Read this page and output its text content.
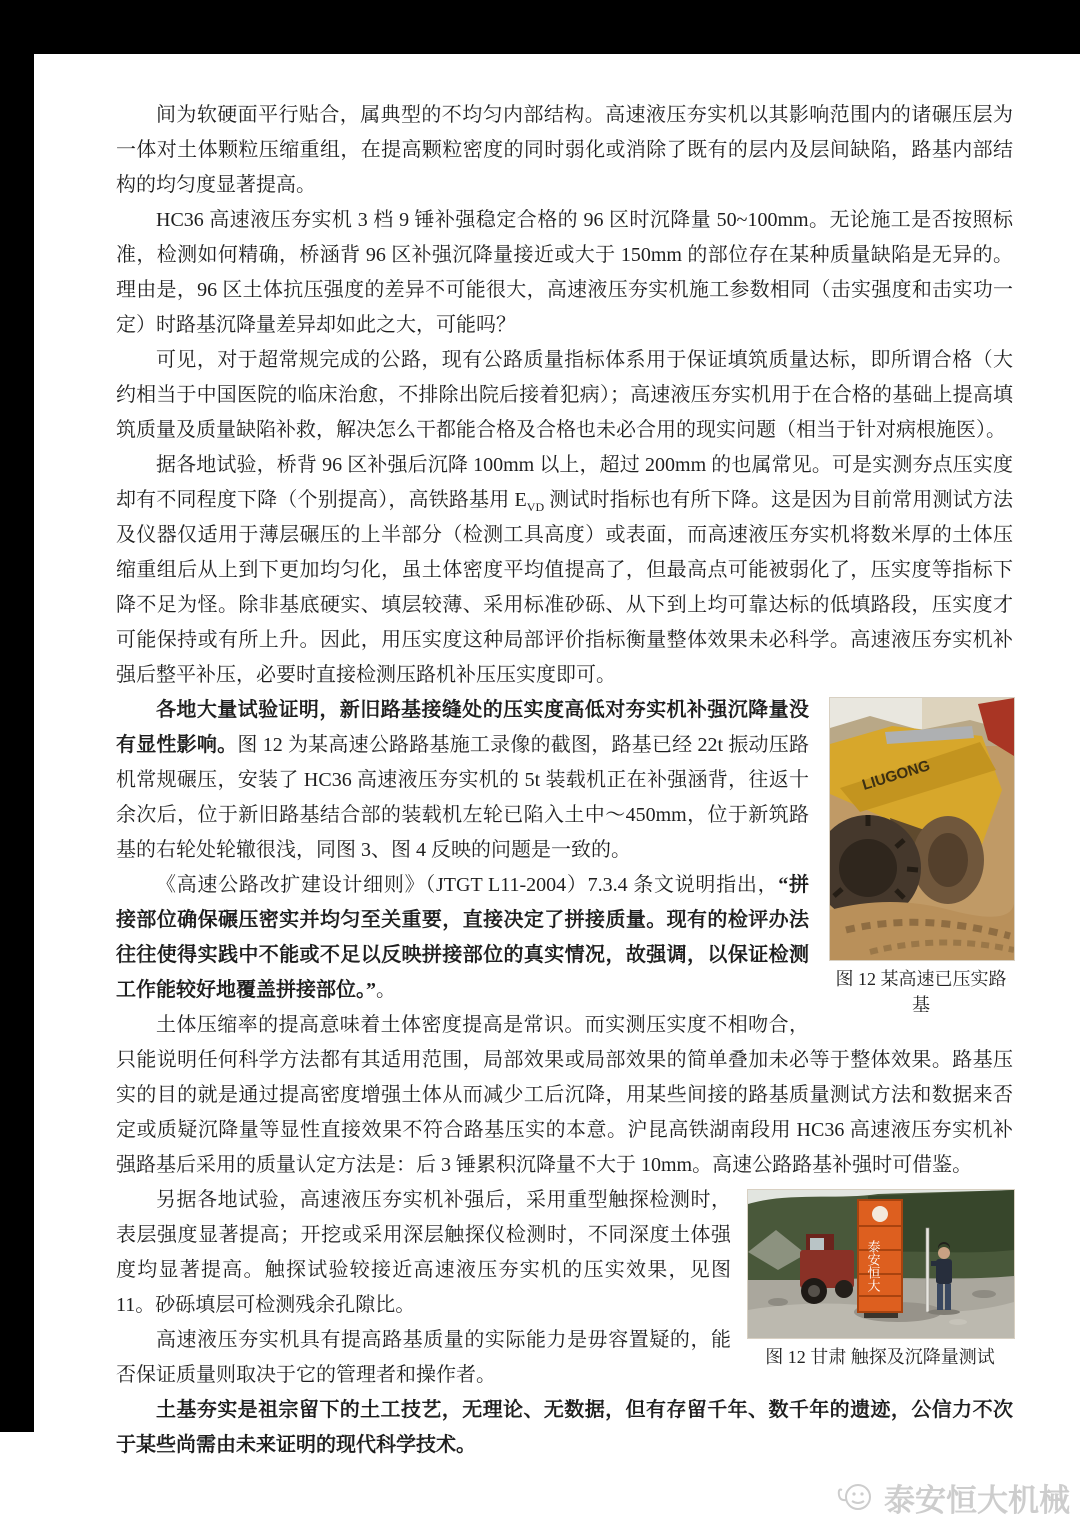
间为软硬面平行贴合，属典型的不均匀内部结构。高速液压夯实机以其影响范围内的诸碾压层为一体对土体颗粒压缩重组，在提高颗粒密度的同时弱化或消除了既有的层内及层间缺陷，路基内部结构的均匀度显著提高。

HC36 高速液压夯实机 3 档 9 锤补强稳定合格的 96 区时沉降量 50~100mm。无论施工是否按照标准，检测如何精确，桥涵背 96 区补强沉降量接近或大于 150mm 的部位存在某种质量缺陷是无异的。理由是，96 区土体抗压强度的差异不可能很大，高速液压夯实机施工参数相同（击实强度和击实功一定）时路基沉降量差异却如此之大，可能吗？

可见，对于超常规完成的公路，现有公路质量指标体系用于保证填筑质量达标，即所谓合格（大约相当于中国医院的临床治愈，不排除出院后接着犯病）；高速液压夯实机用于在合格的基础上提高填筑质量及质量缺陷补救，解决怎么干都能合格及合格也未必合用的现实问题（相当于针对病根施医）。

据各地试验，桥背 96 区补强后沉降 100mm 以上，超过 200mm 的也属常见。可是实测夯点压实度却有不同程度下降（个别提高），高铁路基用 $E_{VD}$ 测试时指标也有所下降。这是因为目前常用测试方法及仪器仅适用于薄层碾压的上半部分（检测工具高度）或表面，而高速液压夯实机将数米厚的土体压缩重组后从上到下更加均匀化，虽土体密度平均值提高了，但最高点可能被弱化了，压实度等指标下降不足为怪。除非基底硬实、填层较薄、采用标准砂砾、从下到上均可靠达标的低填路段，压实度才可能保持或有所上升。因此，用压实度这种局部评价指标衡量整体效果未必科学。高速液压夯实机补强后整平补压，必要时直接检测压路机补压压实度即可。

LIUGONG
图 12 某高速已压实路基

各地大量试验证明，新旧路基接缝处的压实度高低对夯实机补强沉降量没有显性影响。图 12 为某高速公路路基施工录像的截图，路基已经 22t 振动压路机常规碾压，安装了 HC36 高速液压夯实机的 5t 装载机正在补强涵背，往返十余次后，位于新旧路基结合部的装载机左轮已陷入土中～450mm，位于新筑路基的右轮处轮辙很浅，同图 3、图 4 反映的问题是一致的。

《高速公路改扩建设计细则》（JTGT L11-2004）7.3.4 条文说明指出，“拼接部位确保碾压密实并均匀至关重要，直接决定了拼接质量。现有的检评办法往往使得实践中不能或不足以反映拼接部位的真实情况，故强调，以保证检测工作能较好地覆盖拼接部位。”。

土体压缩率的提高意味着土体密度提高是常识。而实测压实度不相吻合，只能说明任何科学方法都有其适用范围，局部效果或局部效果的简单叠加未必等于整体效果。路基压实的目的就是通过提高密度增强土体从而减少工后沉降，用某些间接的路基质量测试方法和数据来否定或质疑沉降量等显性直接效果不符合路基压实的本意。沪昆高铁湖南段用 HC36 高速液压夯实机补强路基后采用的质量认定方法是：后 3 锤累积沉降量不大于 10mm。高速公路路基补强时可借鉴。

泰安恒大
图 12 甘肃 触探及沉降量测试

另据各地试验，高速液压夯实机补强后，采用重型触探检测时，表层强度显著提高；开挖或采用深层触探仪检测时，不同深度土体强度均显著提高。触探试验较接近高速液压夯实机的压实效果，见图 11。砂砾填层可检测残余孔隙比。

高速液压夯实机具有提高路基质量的实际能力是毋容置疑的，能否保证质量则取决于它的管理者和操作者。

土基夯实是祖宗留下的土工技艺，无理论、无数据，但有存留千年、数千年的遗迹，公信力不次于某些尚需由未来证明的现代科学技术。

泰安恒大机械
